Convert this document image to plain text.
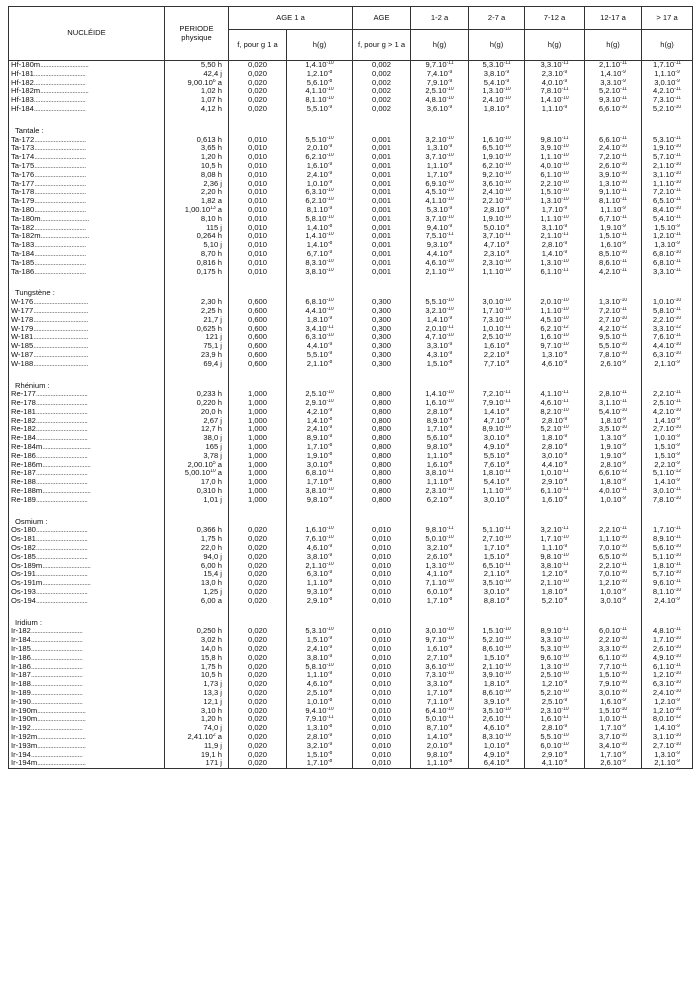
NUCLÉIDE	PERIODE physique	AGE 1 a		AGE	1-2 a	2-7 a	7-12 a	12-17 a	> 17 a
		f, pour g 1 a	h(g)	f, pour g > 1 a	h(g)	h(g)	h(g)	h(g)	h(g)
Hf-180m..............................	5,50 h	0,020	$1,4.10^{-10}$	0,002	$9,7.10^{-11}$	$5,3.10^{-11}$	$3,3.10^{-11}$	$2,1.10^{-11}$	$1,7.10^{-11}$
Hf-181................................	42,4 j	0,020	$1,2.10^{-8}$	0,002	$7,4.10^{-9}$	$3,8.10^{-9}$	$2,3.10^{-9}$	$1,4.10^{-9}$	$1,1.10^{-9}$
Hf-182................................	9,00.10$^6$ a	0,020	$5,6.10^{-8}$	0,002	$7,9.10^{-9}$	$5,4.10^{-9}$	$4,0.10^{-9}$	$3,3.10^{-9}$	$3,0.10^{-9}$
Hf-182m..............................	1,02 h	0,020	$4,1.10^{-10}$	0,002	$2,5.10^{-10}$	$1,3.10^{-10}$	$7,8.10^{-11}$	$5,2.10^{-11}$	$4,2.10^{-11}$
Hf-183................................	1,07 h	0,020	$8,1.10^{-10}$	0,002	$4,8.10^{-10}$	$2,4.10^{-10}$	$1,4.10^{-10}$	$9,3.10^{-11}$	$7,3.10^{-11}$
Hf-184................................	4,12 h	0,020	$5,5.10^{-9}$	0,002	$3,6.10^{-9}$	$1,8.10^{-9}$	$1,1.10^{-9}$	$6,6.10^{-10}$	$5,2.10^{-10}$

Tantale :									
Ta-172................................	0,613 h	0,010	$5,5.10^{-10}$	0,001	$3,2.10^{-10}$	$1,6.10^{-10}$	$9,8.10^{-11}$	$6,6.10^{-11}$	$5,3.10^{-11}$
Ta-173................................	3,65 h	0,010	$2,0.10^{-9}$	0,001	$1,3.10^{-9}$	$6,5.10^{-10}$	$3,9.10^{-10}$	$2,4.10^{-10}$	$1,9.10^{-10}$
Ta-174................................	1,20 h	0,010	$6,2.10^{-10}$	0,001	$3,7.10^{-10}$	$1,9.10^{-10}$	$1,1.10^{-10}$	$7,2.10^{-11}$	$5,7.10^{-11}$
Ta-175................................	10,5 h	0,010	$1,6.10^{-9}$	0,001	$1,1.10^{-9}$	$6,2.10^{-10}$	$4,0.10^{-10}$	$2,6.10^{-10}$	$2,1.10^{-10}$
Ta-176................................	8,08 h	0,010	$2,4.10^{-9}$	0,001	$1,7.10^{-9}$	$9,2.10^{-10}$	$6,1.10^{-10}$	$3,9.10^{-10}$	$3,1.10^{-10}$
Ta-177................................	2,36 j	0,010	$1,0.10^{-9}$	0,001	$6,9.10^{-10}$	$3,6.10^{-10}$	$2,2.10^{-10}$	$1,3.10^{-10}$	$1,1.10^{-10}$
Ta-178................................	2,20 h	0,010	$6,3.10^{-10}$	0,001	$4,5.10^{-10}$	$2,4.10^{-10}$	$1,5.10^{-10}$	$9,1.10^{-11}$	$7,2.10^{-11}$
Ta-179................................	1,82 a	0,010	$6,2.10^{-10}$	0,001	$4,1.10^{-10}$	$2,2.10^{-10}$	$1,3.10^{-10}$	$8,1.10^{-11}$	$6,5.10^{-11}$
Ta-180................................	1,00.10$^{13}$ a	0,010	$8,1.10^{-9}$	0,001	$5,3.10^{-9}$	$2,8.10^{-9}$	$1,7.10^{-9}$	$1,1.10^{-9}$	$8,4.10^{-10}$
Ta-180m..............................	8,10 h	0,010	$5,8.10^{-10}$	0,001	$3,7.10^{-10}$	$1,9.10^{-10}$	$1,1.10^{-10}$	$6,7.10^{-11}$	$5,4.10^{-11}$
Ta-182................................	115 j	0,010	$1,4.10^{-8}$	0,001	$9,4.10^{-9}$	$5,0.10^{-9}$	$3,1.10^{-9}$	$1,9.10^{-9}$	$1,5.10^{-9}$
Ta-182m..............................	0,264 h	0,010	$1,4.10^{-10}$	0,001	$7,5.10^{-11}$	$3,7.10^{-11}$	$2,1.10^{-11}$	$1,5.10^{-11}$	$1,2.10^{-11}$
Ta-183................................	5,10 j	0,010	$1,4.10^{-8}$	0,001	$9,3.10^{-9}$	$4,7.10^{-9}$	$2,8.10^{-9}$	$1,6.10^{-9}$	$1,3.10^{-9}$
Ta-184................................	8,70 h	0,010	$6,7.10^{-9}$	0,001	$4,4.10^{-9}$	$2,3.10^{-9}$	$1,4.10^{-9}$	$8,5.10^{-10}$	$6,8.10^{-10}$
Ta-185................................	0,816 h	0,010	$8,3.10^{-10}$	0,001	$4,6.10^{-10}$	$2,3.10^{-10}$	$1,3.10^{-10}$	$8,6.10^{-11}$	$6,8.10^{-11}$
Ta-186................................	0,175 h	0,010	$3,8.10^{-10}$	0,001	$2,1.10^{-10}$	$1,1.10^{-10}$	$6,1.10^{-11}$	$4,2.10^{-11}$	$3,3.10^{-11}$

Tungstène :									
W-176..................................	2,30 h	0,600	$6,8.10^{-10}$	0,300	$5,5.10^{-10}$	$3,0.10^{-10}$	$2,0.10^{-10}$	$1,3.10^{-10}$	$1,0.10^{-10}$
W-177..................................	2,25 h	0,600	$4,4.10^{-10}$	0,300	$3,2.10^{-10}$	$1,7.10^{-10}$	$1,1.10^{-10}$	$7,2.10^{-11}$	$5,8.10^{-11}$
W-178..................................	21,7 j	0,600	$1,8.10^{-9}$	0,300	$1,4.10^{-9}$	$7,3.10^{-10}$	$4,5.10^{-10}$	$2,7.10^{-10}$	$2,2.10^{-10}$
W-179..................................	0,625 h	0,600	$3,4.10^{-11}$	0,300	$2,0.10^{-11}$	$1,0.10^{-11}$	$6,2.10^{-12}$	$4,2.10^{-12}$	$3,3.10^{-12}$
W-181..................................	121 j	0,600	$6,3.10^{-10}$	0,300	$4,7.10^{-10}$	$2,5.10^{-10}$	$1,6.10^{-10}$	$9,5.10^{-11}$	$7,6.10^{-11}$
W-185..................................	75,1 j	0,600	$4,4.10^{-9}$	0,300	$3,3.10^{-9}$	$1,6.10^{-9}$	$9,7.10^{-10}$	$5,5.10^{-10}$	$4,4.10^{-10}$
W-187..................................	23,9 h	0,600	$5,5.10^{-9}$	0,300	$4,3.10^{-9}$	$2,2.10^{-9}$	$1,3.10^{-9}$	$7,8.10^{-10}$	$6,3.10^{-10}$
W-188..................................	69,4 j	0,600	$2,1.10^{-8}$	0,300	$1,5.10^{-8}$	$7,7.10^{-9}$	$4,6.10^{-9}$	$2,6.10^{-9}$	$2,1.10^{-9}$

Rhénium :									
Re-177................................	0,233 h	1,000	$2,5.10^{-10}$	0,800	$1,4.10^{-10}$	$7,2.10^{-11}$	$4,1.10^{-11}$	$2,8.10^{-11}$	$2,2.10^{-11}$
Re-178................................	0,220 h	1,000	$2,9.10^{-10}$	0,800	$1,6.10^{-10}$	$7,9.10^{-11}$	$4,6.10^{-11}$	$3,1.10^{-11}$	$2,5.10^{-11}$
Re-181................................	20,0 h	1,000	$4,2.10^{-9}$	0,800	$2,8.10^{-9}$	$1,4.10^{-9}$	$8,2.10^{-10}$	$5,4.10^{-10}$	$4,2.10^{-10}$
Re-182................................	2,67 j	1,000	$1,4.10^{-8}$	0,800	$8,9.10^{-9}$	$4,7.10^{-9}$	$2,8.10^{-9}$	$1,8.10^{-9}$	$1,4.10^{-9}$
Re-182................................	12,7 h	1,000	$2,4.10^{-9}$	0,800	$1,7.10^{-9}$	$8,9.10^{-10}$	$5,2.10^{-10}$	$3,5.10^{-10}$	$2,7.10^{-10}$
Re-184................................	38,0 j	1,000	$8,9.10^{-9}$	0,800	$5,6.10^{-9}$	$3,0.10^{-9}$	$1,8.10^{-9}$	$1,3.10^{-9}$	$1,0.10^{-9}$
Re-184m..............................	165 j	1,000	$1,7.10^{-8}$	0,800	$9,8.10^{-9}$	$4,9.10^{-9}$	$2,8.10^{-9}$	$1,9.10^{-9}$	$1,5.10^{-9}$
Re-186................................	3,78 j	1,000	$1,9.10^{-8}$	0,800	$1,1.10^{-8}$	$5,5.10^{-9}$	$3,0.10^{-9}$	$1,9.10^{-9}$	$1,5.10^{-9}$
Re-186m..............................	2,00.10$^5$ a	1,000	$3,0.10^{-8}$	0,800	$1,6.10^{-8}$	$7,6.10^{-9}$	$4,4.10^{-9}$	$2,8.10^{-9}$	$2,2.10^{-9}$
Re-187................................	5,00.10$^{10}$ a	1,000	$6,8.10^{-11}$	0,800	$3,8.10^{-11}$	$1,8.10^{-11}$	$1,0.10^{-11}$	$6,6.10^{-12}$	$5,1.10^{-12}$
Re-188................................	17,0 h	1,000	$1,7.10^{-8}$	0,800	$1,1.10^{-8}$	$5,4.10^{-9}$	$2,9.10^{-9}$	$1,8.10^{-9}$	$1,4.10^{-9}$
Re-188m..............................	0,310 h	1,000	$3,8.10^{-10}$	0,800	$2,3.10^{-10}$	$1,1.10^{-10}$	$6,1.10^{-11}$	$4,0.10^{-11}$	$3,0.10^{-11}$
Re-189................................	1,01 j	1,000	$9,8.10^{-9}$	0,800	$6,2.10^{-9}$	$3,0.10^{-9}$	$1,6.10^{-9}$	$1,0.10^{-9}$	$7,8.10^{-10}$

Osmium :									
Os-180................................	0,366 h	0,020	$1,6.10^{-10}$	0,010	$9,8.10^{-11}$	$5,1.10^{-11}$	$3,2.10^{-11}$	$2,2.10^{-11}$	$1,7.10^{-11}$
Os-181................................	1,75 h	0,020	$7,6.10^{-10}$	0,010	$5,0.10^{-10}$	$2,7.10^{-10}$	$1,7.10^{-10}$	$1,1.10^{-10}$	$8,9.10^{-11}$
Os-182................................	22,0 h	0,020	$4,6.10^{-9}$	0,010	$3,2.10^{-9}$	$1,7.10^{-9}$	$1,1.10^{-9}$	$7,0.10^{-10}$	$5,6.10^{-10}$
Os-185................................	94,0 j	0,020	$3,8.10^{-9}$	0,010	$2,6.10^{-9}$	$1,5.10^{-9}$	$9,8.10^{-10}$	$6,5.10^{-10}$	$5,1.10^{-10}$
Os-189m..............................	6,00 h	0,020	$2,1.10^{-10}$	0,010	$1,3.10^{-10}$	$6,5.10^{-11}$	$3,8.10^{-11}$	$2,2.10^{-11}$	$1,8.10^{-11}$
Os-191................................	15,4 j	0,020	$6,3.10^{-9}$	0,010	$4,1.10^{-9}$	$2,1.10^{-9}$	$1,2.10^{-9}$	$7,0.10^{-10}$	$5,7.10^{-10}$
Os-191m..............................	13,0 h	0,020	$1,1.10^{-9}$	0,010	$7,1.10^{-10}$	$3,5.10^{-10}$	$2,1.10^{-10}$	$1,2.10^{-10}$	$9,6.10^{-11}$
Os-193................................	1,25 j	0,020	$9,3.10^{-9}$	0,010	$6,0.10^{-9}$	$3,0.10^{-9}$	$1,8.10^{-9}$	$1,0.10^{-9}$	$8,1.10^{-10}$
Os-194................................	6,00 a	0,020	$2,9.10^{-8}$	0,010	$1,7.10^{-8}$	$8,8.10^{-9}$	$5,2.10^{-9}$	$3,0.10^{-9}$	$2,4.10^{-9}$

Iridium :									
Ir-182................................	0,250 h	0,020	$5,3.10^{-10}$	0,010	$3,0.10^{-10}$	$1,5.10^{-10}$	$8,9.10^{-11}$	$6,0.10^{-11}$	$4,8.10^{-11}$
Ir-184................................	3,02 h	0,020	$1,5.10^{-9}$	0,010	$9,7.10^{-10}$	$5,2.10^{-10}$	$3,3.10^{-10}$	$2,2.10^{-10}$	$1,7.10^{-10}$
Ir-185................................	14,0 h	0,020	$2,4.10^{-9}$	0,010	$1,6.10^{-9}$	$8,6.10^{-10}$	$5,3.10^{-10}$	$3,3.10^{-10}$	$2,6.10^{-10}$
Ir-186................................	15,8 h	0,020	$3,8.10^{-9}$	0,010	$2,7.10^{-9}$	$1,5.10^{-9}$	$9,6.10^{-10}$	$6,1.10^{-10}$	$4,9.10^{-10}$
Ir-186................................	1,75 h	0,020	$5,8.10^{-10}$	0,010	$3,6.10^{-10}$	$2,1.10^{-10}$	$1,3.10^{-10}$	$7,7.10^{-11}$	$6,1.10^{-11}$
Ir-187................................	10,5 h	0,020	$1,1.10^{-9}$	0,010	$7,3.10^{-10}$	$3,9.10^{-10}$	$2,5.10^{-10}$	$1,5.10^{-10}$	$1,2.10^{-10}$
Ir-188................................	1,73 j	0,020	$4,6.10^{-9}$	0,010	$3,3.10^{-9}$	$1,8.10^{-9}$	$1,2.10^{-9}$	$7,9.10^{-10}$	$6,3.10^{-10}$
Ir-189................................	13,3 j	0,020	$2,5.10^{-9}$	0,010	$1,7.10^{-9}$	$8,6.10^{-10}$	$5,2.10^{-10}$	$3,0.10^{-10}$	$2,4.10^{-10}$
Ir-190................................	12,1 j	0,020	$1,0.10^{-8}$	0,010	$7,1.10^{-9}$	$3,9.10^{-9}$	$2,5.10^{-9}$	$1,6.10^{-9}$	$1,2.10^{-9}$
Ir-190m..............................	3,10 h	0,020	$9,4.10^{-10}$	0,010	$6,4.10^{-10}$	$3,5.10^{-10}$	$2,3.10^{-10}$	$1,5.10^{-10}$	$1,2.10^{-10}$
Ir-190m..............................	1,20 h	0,020	$7,9.10^{-11}$	0,010	$5,0.10^{-11}$	$2,6.10^{-11}$	$1,6.10^{-11}$	$1,0.10^{-11}$	$8,0.10^{-12}$
Ir-192................................	74,0 j	0,020	$1,3.10^{-8}$	0,010	$8,7.10^{-9}$	$4,6.10^{-9}$	$2,8.10^{-9}$	$1,7.10^{-9}$	$1,4.10^{-9}$
Ir-192m..............................	2,41.10$^2$ a	0,020	$2,8.10^{-9}$	0,010	$1,4.10^{-9}$	$8,3.10^{-10}$	$5,5.10^{-10}$	$3,7.10^{-10}$	$3,1.10^{-10}$
Ir-193m..............................	11,9 j	0,020	$3,2.10^{-9}$	0,010	$2,0.10^{-9}$	$1,0.10^{-9}$	$6,0.10^{-10}$	$3,4.10^{-10}$	$2,7.10^{-10}$
Ir-194................................	19,1 h	0,020	$1,5.10^{-8}$	0,010	$9,8.10^{-9}$	$4,9.10^{-9}$	$2,9.10^{-9}$	$1,7.10^{-9}$	$1,3.10^{-9}$
Ir-194m..............................	171 j	0,020	$1,7.10^{-8}$	0,010	$1,1.10^{-8}$	$6,4.10^{-9}$	$4,1.10^{-9}$	$2,6.10^{-9}$	$2,1.10^{-9}$
